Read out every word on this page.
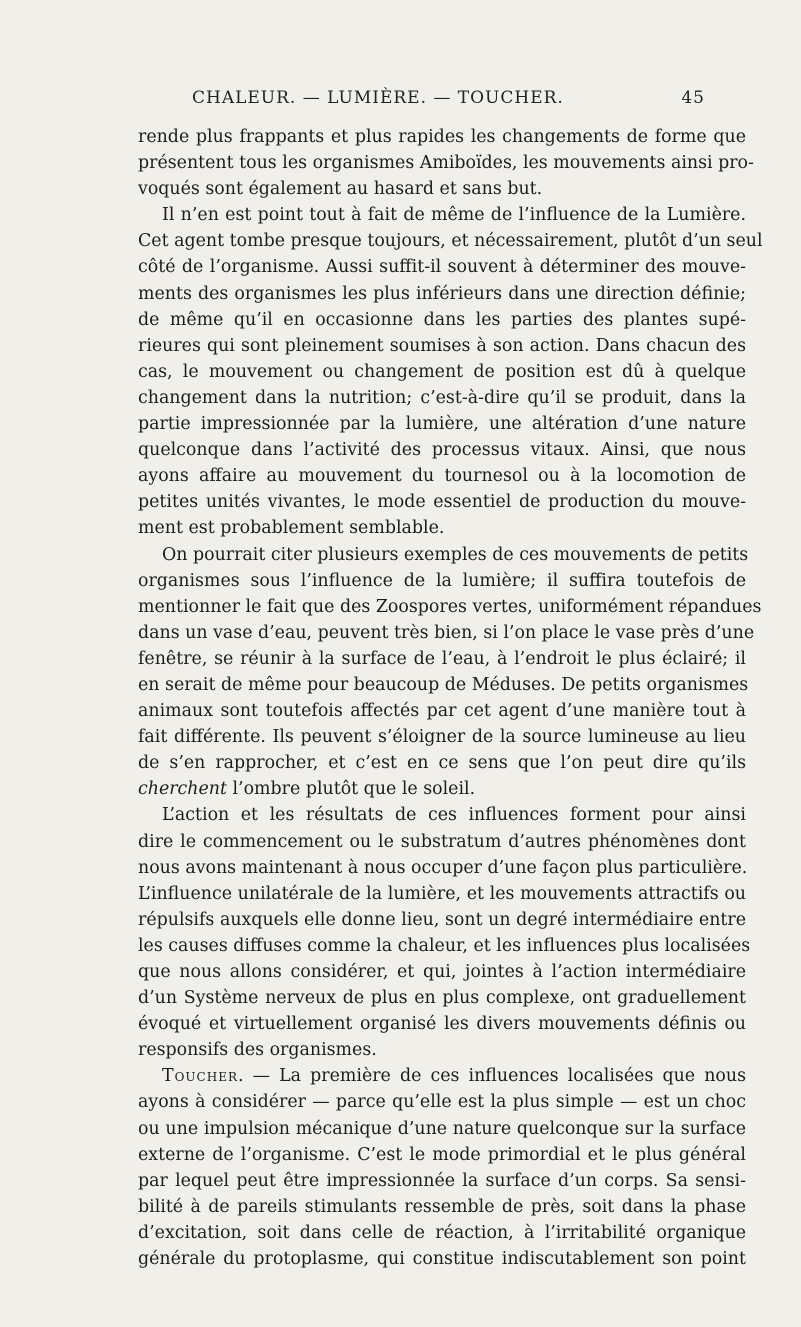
CHALEUR. — LUMIÈRE. — TOUCHER.	45
rende plus frappants et plus rapides les changements de forme que
présentent tous les organismes Amiboïdes, les mouvements ainsi pro-
voqués sont également au hasard et sans but.
Il n’en est point tout à fait de même de l’influence de la Lumière.
Cet agent tombe presque toujours, et nécessairement, plutôt d’un seul
côté de l’organisme. Aussi suffit-il souvent à déterminer des mouve-
ments des organismes les plus inférieurs dans une direction définie;
de même qu’il en occasionne dans les parties des plantes supé-
rieures qui sont pleinement soumises à son action. Dans chacun des
cas, le mouvement ou changement de position est dû à quelque
changement dans la nutrition; c’est-à-dire qu’il se produit, dans la
partie impressionnée par la lumière, une altération d’une nature
quelconque dans l’activité des processus vitaux. Ainsi, que nous
ayons affaire au mouvement du tournesol ou à la locomotion de
petites unités vivantes, le mode essentiel de production du mouve-
ment est probablement semblable.
On pourrait citer plusieurs exemples de ces mouvements de petits
organismes sous l’influence de la lumière; il suffira toutefois de
mentionner le fait que des Zoospores vertes, uniformément répandues
dans un vase d’eau, peuvent très bien, si l’on place le vase près d’une
fenêtre, se réunir à la surface de l’eau, à l’endroit le plus éclairé; il
en serait de même pour beaucoup de Méduses. De petits organismes
animaux sont toutefois affectés par cet agent d’une manière tout à
fait différente. Ils peuvent s’éloigner de la source lumineuse au lieu
de s’en rapprocher, et c’est en ce sens que l’on peut dire qu’ils
cherchent l’ombre plutôt que le soleil.
L’action et les résultats de ces influences forment pour ainsi
dire le commencement ou le substratum d’autres phénomènes dont
nous avons maintenant à nous occuper d’une façon plus particulière.
L’influence unilatérale de la lumière, et les mouvements attractifs ou
répulsifs auxquels elle donne lieu, sont un degré intermédiaire entre
les causes diffuses comme la chaleur, et les influences plus localisées
que nous allons considérer, et qui, jointes à l’action intermédiaire
d’un Système nerveux de plus en plus complexe, ont graduellement
évoqué et virtuellement organisé les divers mouvements définis ou
responsifs des organismes.
Toucher. — La première de ces influences localisées que nous
ayons à considérer — parce qu’elle est la plus simple — est un choc
ou une impulsion mécanique d’une nature quelconque sur la surface
externe de l’organisme. C’est le mode primordial et le plus général
par lequel peut être impressionnée la surface d’un corps. Sa sensi-
bilité à de pareils stimulants ressemble de près, soit dans la phase
d’excitation, soit dans celle de réaction, à l’irritabilité organique
générale du protoplasme, qui constitue indiscutablement son point
